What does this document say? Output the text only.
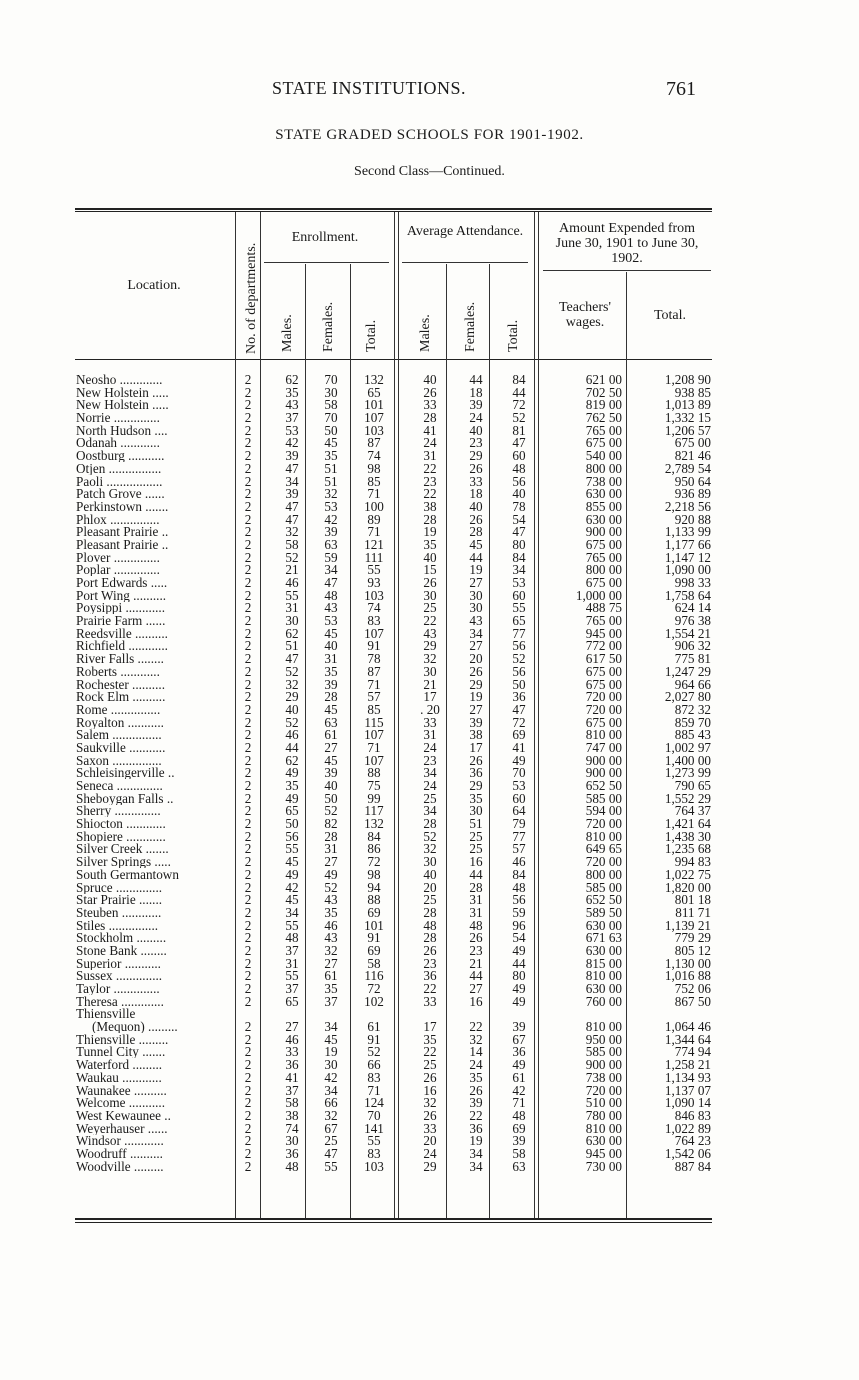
STATE INSTITUTIONS.	761
STATE GRADED SCHOOLS FOR 1901-1902.
Second Class—Continued.
Location.	No. of departments.
Enrollment.	Average Attendance.	Amount Expended from June 30, 1901 to June 30, 1902.
Males. Females. Total.	Males. Females. Total.
Teachers' wages.	Total.
Neosho .............	2	62	70	132	40	44	84	621 00	1,208 90
New Holstein .....	2	35	30	65	26	18	44	702 50	938 85
New Holstein .....	2	43	58	101	33	39	72	819 00	1,013 89
Norrie ..............	2	37	70	107	28	24	52	762 50	1,332 15
North Hudson ....	2	53	50	103	41	40	81	765 00	1,206 57
Odanah ............	2	42	45	87	24	23	47	675 00	675 00
Oostburg ...........	2	39	35	74	31	29	60	540 00	821 46
Otjen ................	2	47	51	98	22	26	48	800 00	2,789 54
Paoli .................	2	34	51	85	23	33	56	738 00	950 64
Patch Grove ......	2	39	32	71	22	18	40	630 00	936 89
Perkinstown .......	2	47	53	100	38	40	78	855 00	2,218 56
Phlox ...............	2	47	42	89	28	26	54	630 00	920 88
Pleasant Prairie ..	2	32	39	71	19	28	47	900 00	1,133 99
Pleasant Prairie ..	2	58	63	121	35	45	80	675 00	1,177 66
Plover ..............	2	52	59	111	40	44	84	765 00	1,147 12
Poplar ..............	2	21	34	55	15	19	34	800 00	1,090 00
Port Edwards .....	2	46	47	93	26	27	53	675 00	998 33
Port Wing ..........	2	55	48	103	30	30	60	1,000 00	1,758 64
Poysippi ............	2	31	43	74	25	30	55	488 75	624 14
Prairie Farm ......	2	30	53	83	22	43	65	765 00	976 38
Reedsville ..........	2	62	45	107	43	34	77	945 00	1,554 21
Richfield ............	2	51	40	91	29	27	56	772 00	906 32
River Falls ........	2	47	31	78	32	20	52	617 50	775 81
Roberts ............	2	52	35	87	30	26	56	675 00	1,247 29
Rochester ..........	2	32	39	71	21	29	50	675 00	964 66
Rock Elm ..........	2	29	28	57	17	19	36	720 00	2,027 80
Rome ...............	2	40	45	85	. 20	27	47	720 00	872 32
Royalton ...........	2	52	63	115	33	39	72	675 00	859 70
Salem ...............	2	46	61	107	31	38	69	810 00	885 43
Saukville ...........	2	44	27	71	24	17	41	747 00	1,002 97
Saxon ...............	2	62	45	107	23	26	49	900 00	1,400 00
Schleisingerville ..	2	49	39	88	34	36	70	900 00	1,273 99
Seneca ..............	2	35	40	75	24	29	53	652 50	790 65
Sheboygan Falls ..	2	49	50	99	25	35	60	585 00	1,552 29
Sherry ..............	2	65	52	117	34	30	64	594 00	764 37
Shiocton ............	2	50	82	132	28	51	79	720 00	1,421 64
Shopiere ............	2	56	28	84	52	25	77	810 00	1,438 30
Silver Creek .......	2	55	31	86	32	25	57	649 65	1,235 68
Silver Springs .....	2	45	27	72	30	16	46	720 00	994 83
South Germantown	2	49	49	98	40	44	84	800 00	1,022 75
Spruce ..............	2	42	52	94	20	28	48	585 00	1,820 00
Star Prairie .......	2	45	43	88	25	31	56	652 50	801 18
Steuben ............	2	34	35	69	28	31	59	589 50	811 71
Stiles ...............	2	55	46	101	48	48	96	630 00	1,139 21
Stockholm .........	2	48	43	91	28	26	54	671 63	779 29
Stone Bank ........	2	37	32	69	26	23	49	630 00	805 12
Superior ...........	2	31	27	58	23	21	44	815 00	1,130 00
Sussex ..............	2	55	61	116	36	44	80	810 00	1,016 88
Taylor ..............	2	37	35	72	22	27	49	630 00	752 06
Theresa .............	2	65	37	102	33	16	49	760 00	867 50
Thiensville
(Mequon) .........	2	27	34	61	17	22	39	810 00	1,064 46
Thiensville .........	2	46	45	91	35	32	67	950 00	1,344 64
Tunnel City .......	2	33	19	52	22	14	36	585 00	774 94
Waterford .........	2	36	30	66	25	24	49	900 00	1,258 21
Waukau ............	2	41	42	83	26	35	61	738 00	1,134 93
Waunakee ..........	2	37	34	71	16	26	42	720 00	1,137 07
Welcome ...........	2	58	66	124	32	39	71	510 00	1,090 14
West Kewaunee ..	2	38	32	70	26	22	48	780 00	846 83
Weyerhauser ......	2	74	67	141	33	36	69	810 00	1,022 89
Windsor ............	2	30	25	55	20	19	39	630 00	764 23
Woodruff ..........	2	36	47	83	24	34	58	945 00	1,542 06
Woodville .........	2	48	55	103	29	34	63	730 00	887 84
